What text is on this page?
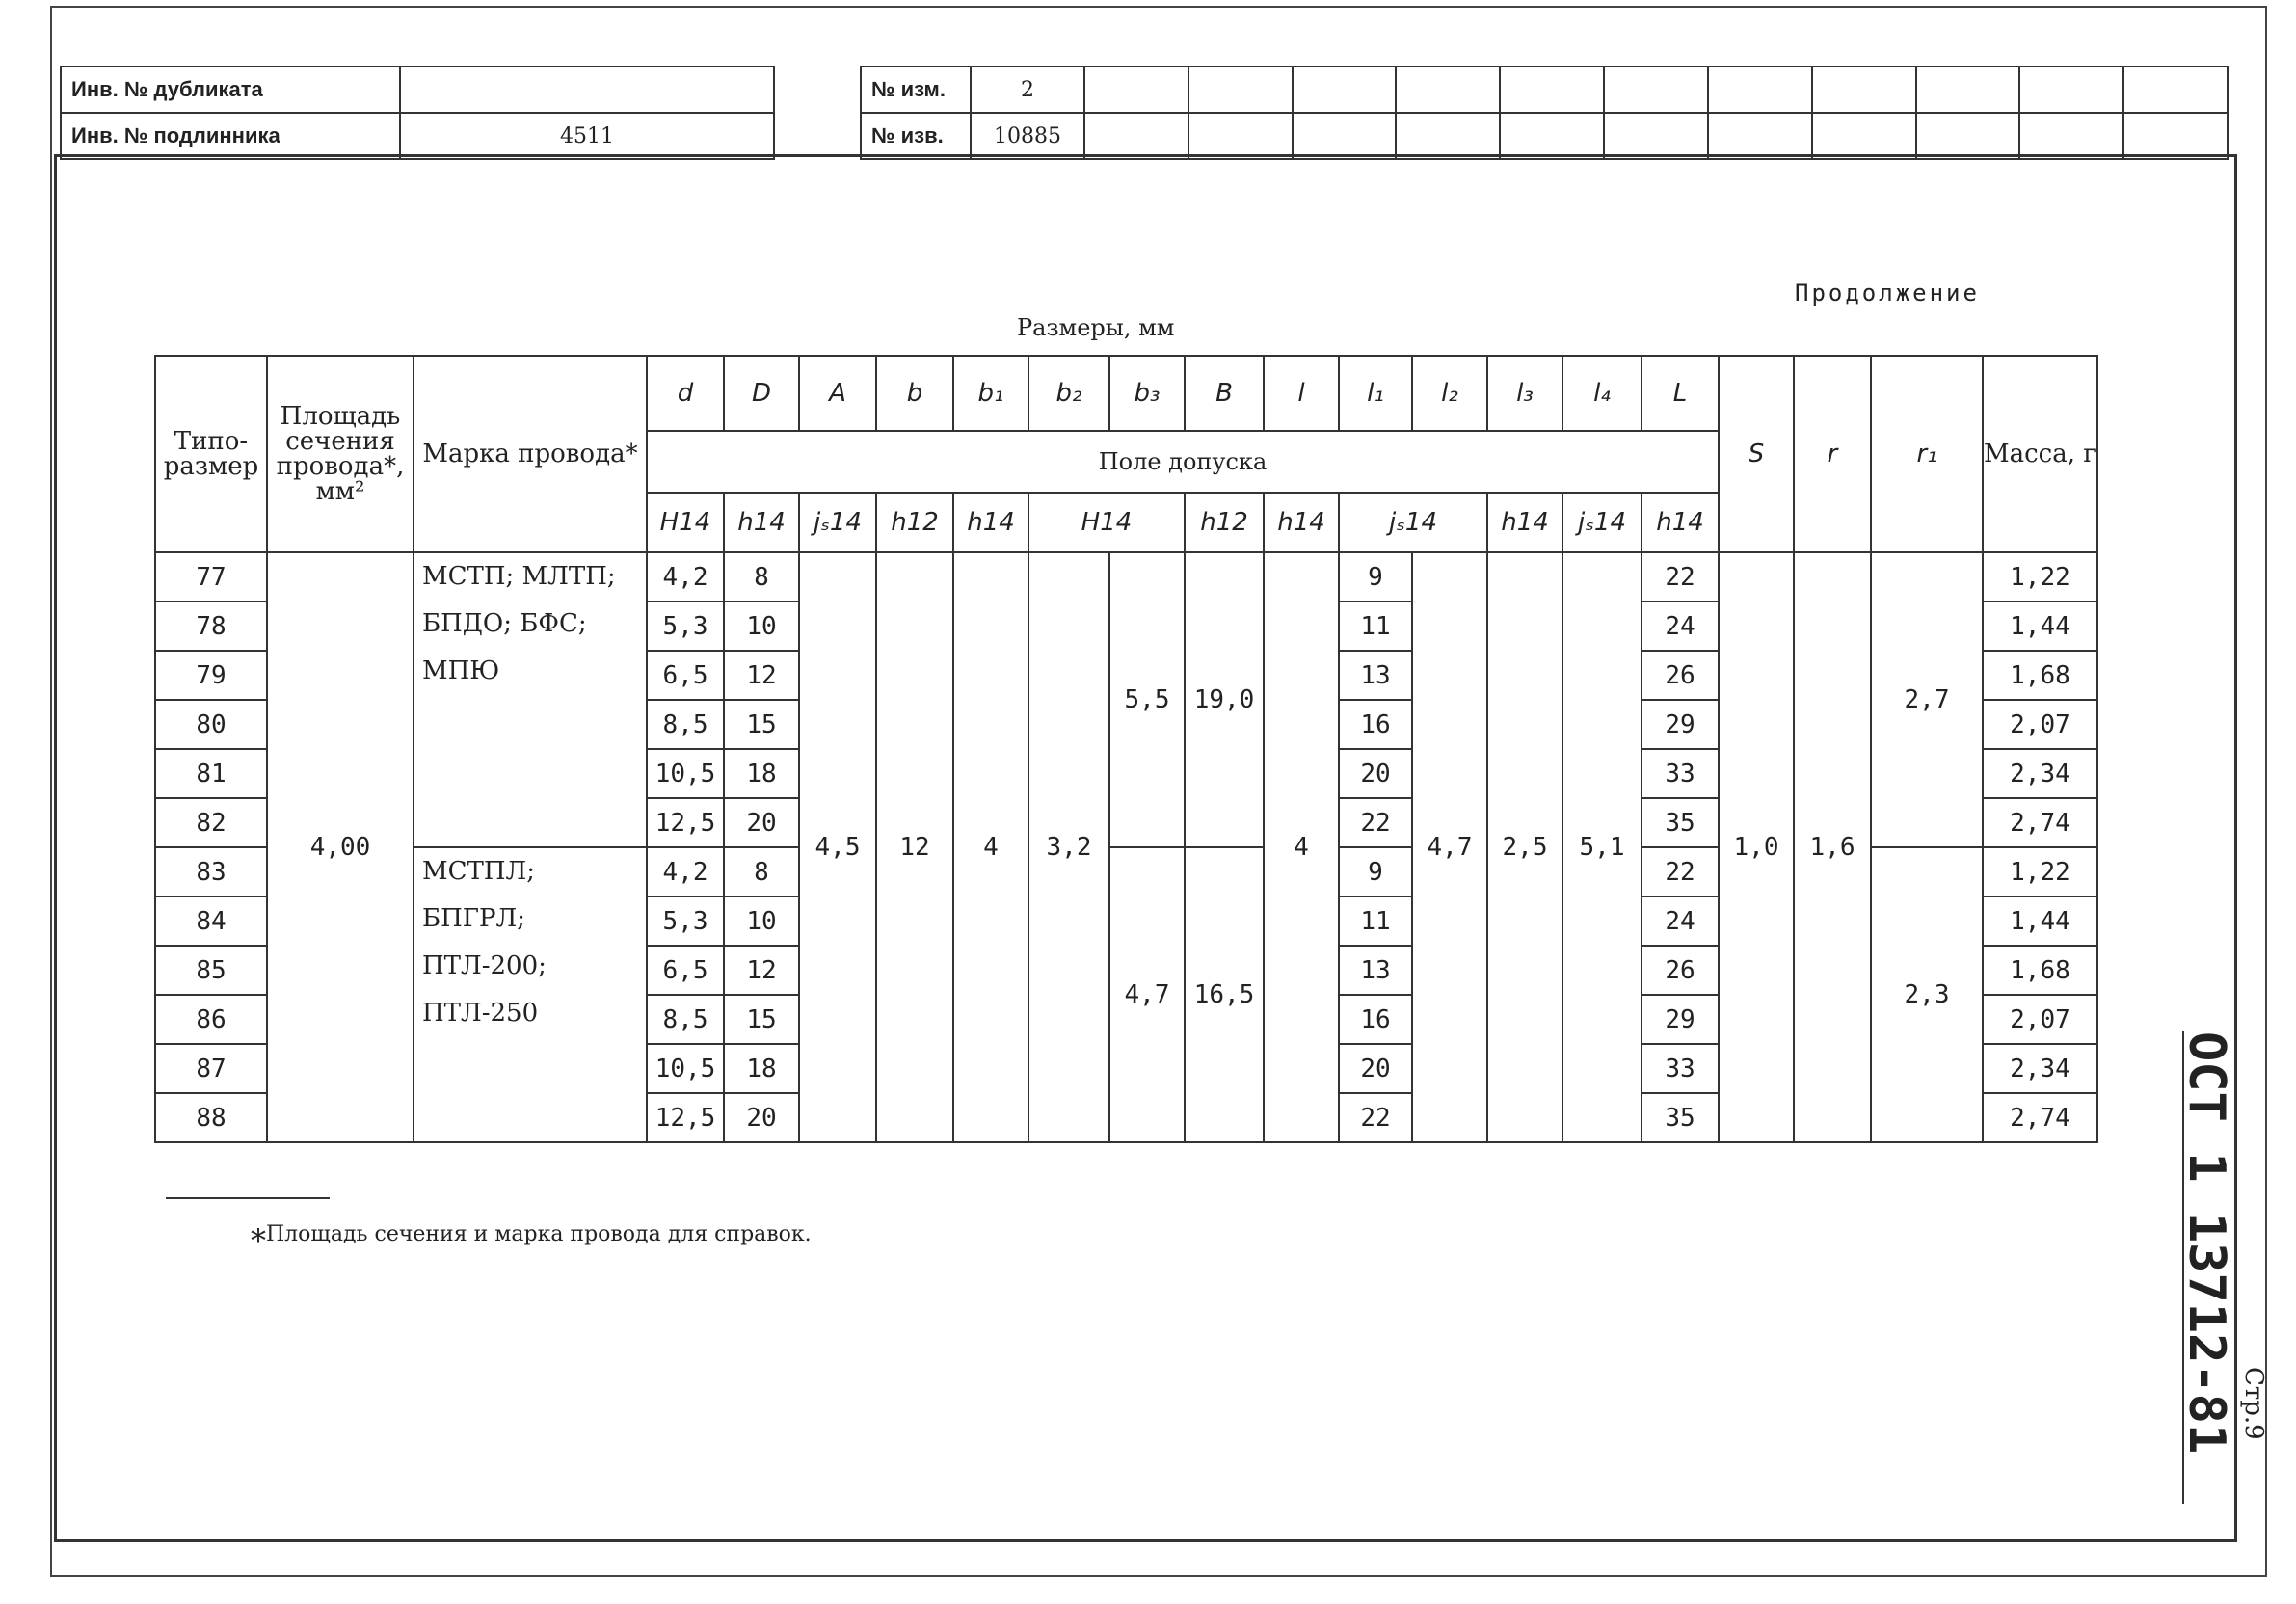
Инв. № дубликата	
Инв. № подлинника	4511
№ изм.	2											
№ изв.	10885											
Продолжение
Размеры, мм
Типо-размер	Площадь сечения провода*, мм²	Марка провода*	d	D	A	b	b₁	b₂	b₃	B	l	l₁	l₂	l₃	l₄	L	S	r	r₁	Масса, г
			Поле допуска																	
			H14	h14	jₛ14	h12	h14	H14		h12	h14	jₛ14		h14	jₛ14	h14				
77	4,00	МСТП; МЛТП;
БПДО; БФС;
МПЮ	4,2	8	4,5	12	4	3,2	5,5	19,0	4	9	4,7	2,5	5,1	22	1,0	1,6	2,7	1,22
78			5,3	10								11				24				1,44
79			6,5	12								13				26				1,68
80			8,5	15								16				29				2,07
81			10,5	18								20				33				2,34
82			12,5	20								22				35				2,74
83		МСТПЛ; БПГРЛ;
ПТЛ-200;
ПТЛ-250	4,2	8					4,7	16,5		9				22			2,3	1,22
84			5,3	10								11				24				1,44
85			6,5	12								13				26				1,68
86			8,5	15								16				29				2,07
87			10,5	18								20				33				2,34
88			12,5	20								22				35				2,74
*Площадь сечения и марка провода для справок.	ОСТ 1 13712-81 Стр.9
